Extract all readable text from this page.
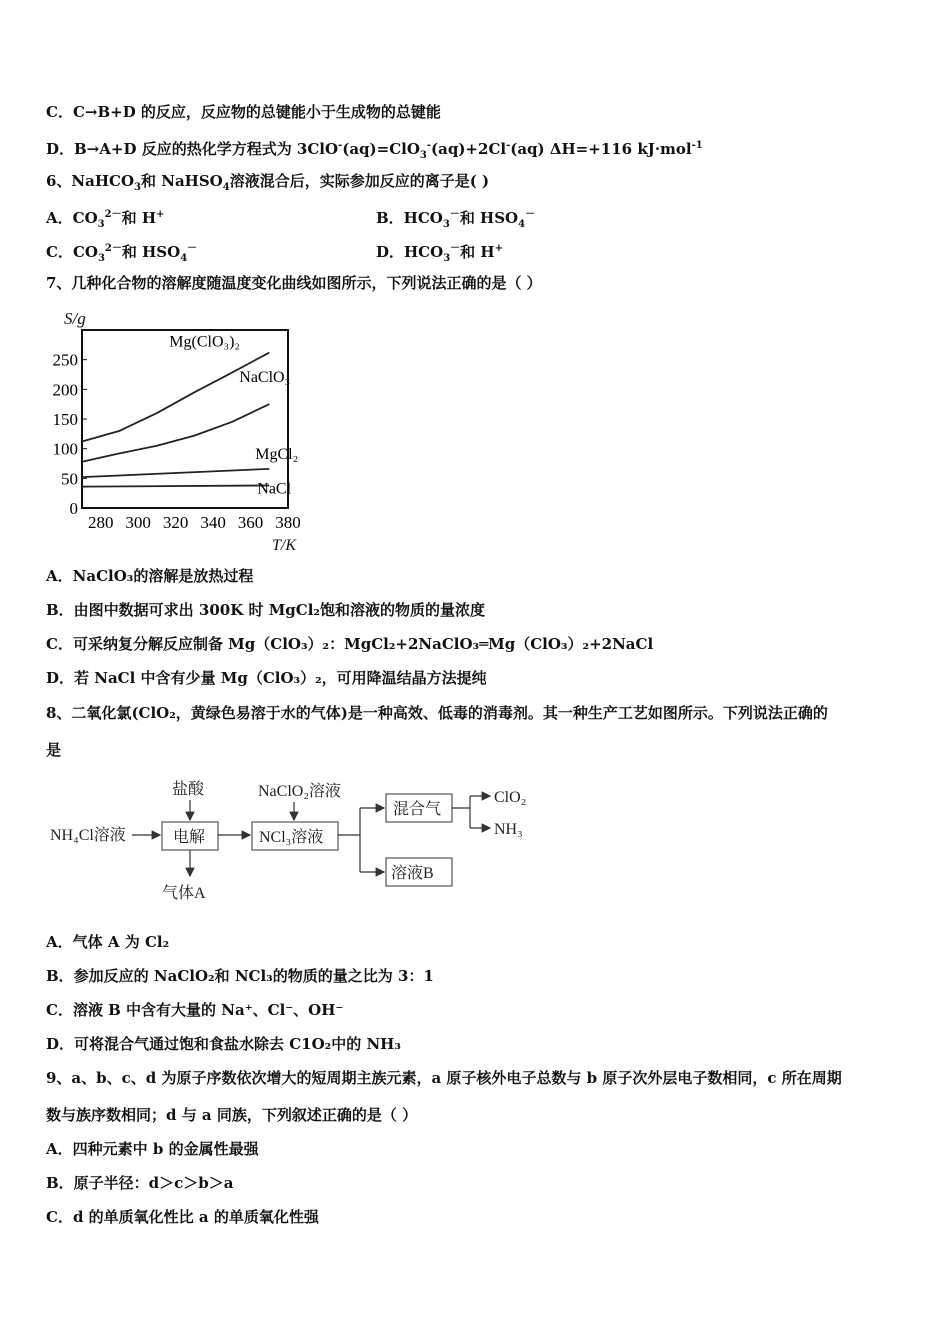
C．C→B+D 的反应，反应物的总键能小于生成物的总键能
D．B→A+D 反应的热化学方程式为 3ClO-(aq)=ClO$_3$-(aq)+2Cl-(aq) ΔH=+116 kJ·mol$^{-1}$
6、NaHCO$_3$和 NaHSO$_4$溶液混合后，实际参加反应的离子是( )
A．$CO_3^{2-}$和 H+	B．$HCO_3^-$和 $HSO_4^-$
C．$CO_3^{2-}$和 $HSO_4^-$	D．$HCO_3^-$和 H+
7、几种化合物的溶解度随温度变化曲线如图所示，下列说法正确的是（ ）
S/g
T/K
0
50
100
150
200
250
280 300 320 340 360 380
Mg(ClO₃)₂
NaClO₃
MgCl₂
NaCl
A．NaClO₃的溶解是放热过程
B．由图中数据可求出 300K 时 MgCl₂饱和溶液的物质的量浓度
C．可采纳复分解反应制备 Mg（ClO₃）₂：MgCl₂+2NaClO₃═Mg（ClO₃）₂+2NaCl
D．若 NaCl 中含有少量 Mg（ClO₃）₂，可用降温结晶方法提纯
8、二氧化氯(ClO₂，黄绿色易溶于水的气体)是一种高效、低毒的消毒剂。其一种生产工艺如图所示。下列说法正确的
是
盐酸	NaClO₂溶液
NH₄Cl溶液	电解	NCl₃溶液
混合气
溶液B
ClO₂
NH₃
气体A
A．气体 A 为 Cl₂
B．参加反应的 NaClO₂和 NCl₃的物质的量之比为 3：1
C．溶液 B 中含有大量的 Na⁺、Cl⁻、OH⁻
D．可将混合气通过饱和食盐水除去 C1O₂中的 NH₃
9、a、b、c、d 为原子序数依次增大的短周期主族元素，a 原子核外电子总数与 b 原子次外层电子数相同，c 所在周期
数与族序数相同；d 与 a 同族，下列叙述正确的是（ ）
A．四种元素中 b 的金属性最强
B．原子半径：d＞c＞b＞a
C．d 的单质氧化性比 a 的单质氧化性强
